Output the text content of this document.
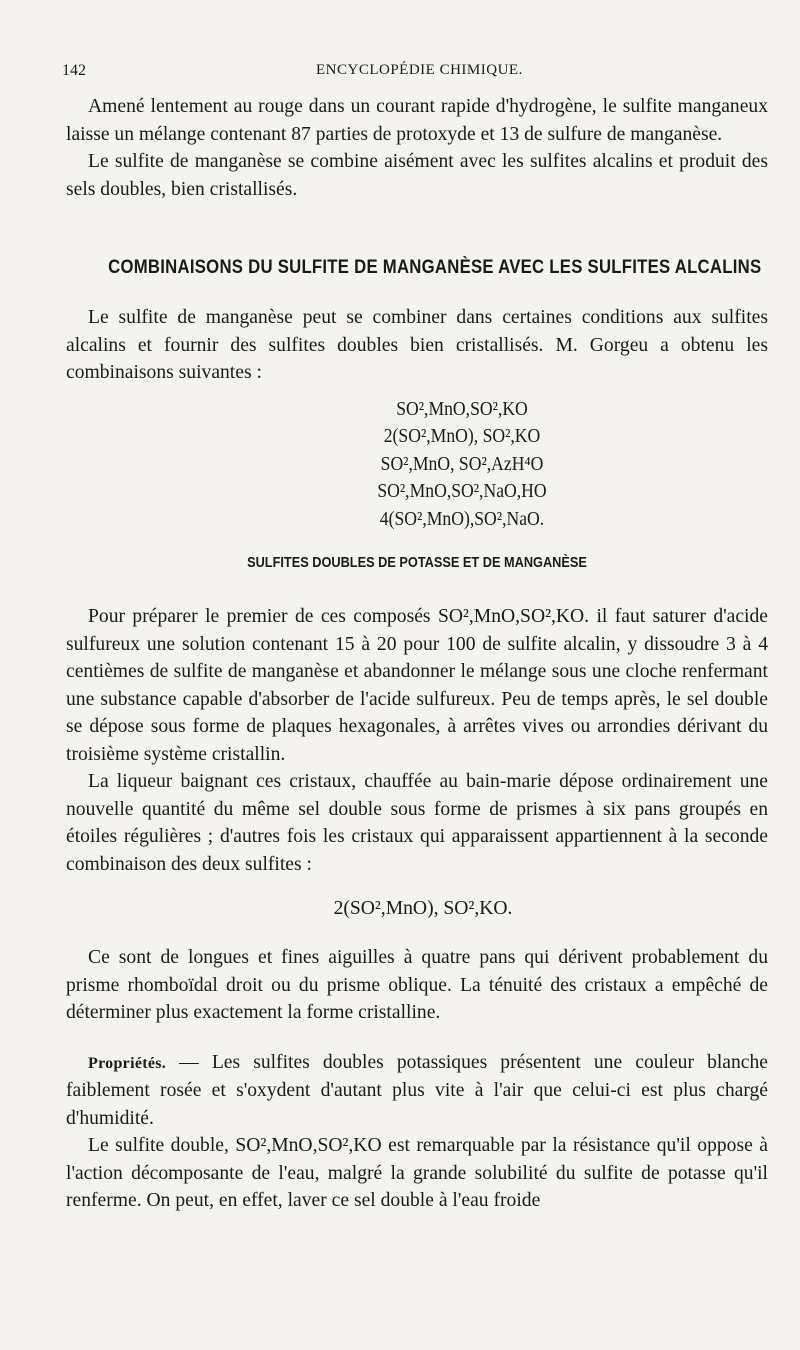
142	ENCYCLOPÉDIE CHIMIQUE.

Amené lentement au rouge dans un courant rapide d'hydrogène, le sulfite manganeux laisse un mélange contenant 87 parties de protoxyde et 13 de sulfure de manganèse.

Le sulfite de manganèse se combine aisément avec les sulfites alcalins et produit des sels doubles, bien cristallisés.

COMBINAISONS DU SULFITE DE MANGANÈSE AVEC LES SULFITES ALCALINS

Le sulfite de manganèse peut se combiner dans certaines conditions aux sulfites alcalins et fournir des sulfites doubles bien cristallisés. M. Gorgeu a obtenu les combinaisons suivantes :

SO²,MnO,SO²,KO
2(SO²,MnO), SO²,KO
SO²,MnO, SO²,AzH⁴O
SO²,MnO,SO²,NaO,HO
4(SO²,MnO),SO²,NaO.
SULFITES DOUBLES DE POTASSE ET DE MANGANÈSE

Pour préparer le premier de ces composés SO²,MnO,SO²,KO. il faut saturer d'acide sulfureux une solution contenant 15 à 20 pour 100 de sulfite alcalin, y dissoudre 3 à 4 centièmes de sulfite de manganèse et abandonner le mélange sous une cloche renfermant une substance capable d'absorber de l'acide sulfureux. Peu de temps après, le sel double se dépose sous forme de plaques hexagonales, à arrêtes vives ou arrondies dérivant du troisième système cristallin.

La liqueur baignant ces cristaux, chauffée au bain-marie dépose ordinairement une nouvelle quantité du même sel double sous forme de prismes à six pans groupés en étoiles régulières ; d'autres fois les cristaux qui apparaissent appartiennent à la seconde combinaison des deux sulfites :

2(SO²,MnO), SO²,KO.

Ce sont de longues et fines aiguilles à quatre pans qui dérivent probablement du prisme rhomboïdal droit ou du prisme oblique. La ténuité des cristaux a empêché de déterminer plus exactement la forme cristalline.

Propriétés. — Les sulfites doubles potassiques présentent une couleur blanche faiblement rosée et s'oxydent d'autant plus vite à l'air que celui-ci est plus chargé d'humidité.

Le sulfite double, SO²,MnO,SO²,KO est remarquable par la résistance qu'il oppose à l'action décomposante de l'eau, malgré la grande solubilité du sulfite de potasse qu'il renferme. On peut, en effet, laver ce sel double à l'eau froide
